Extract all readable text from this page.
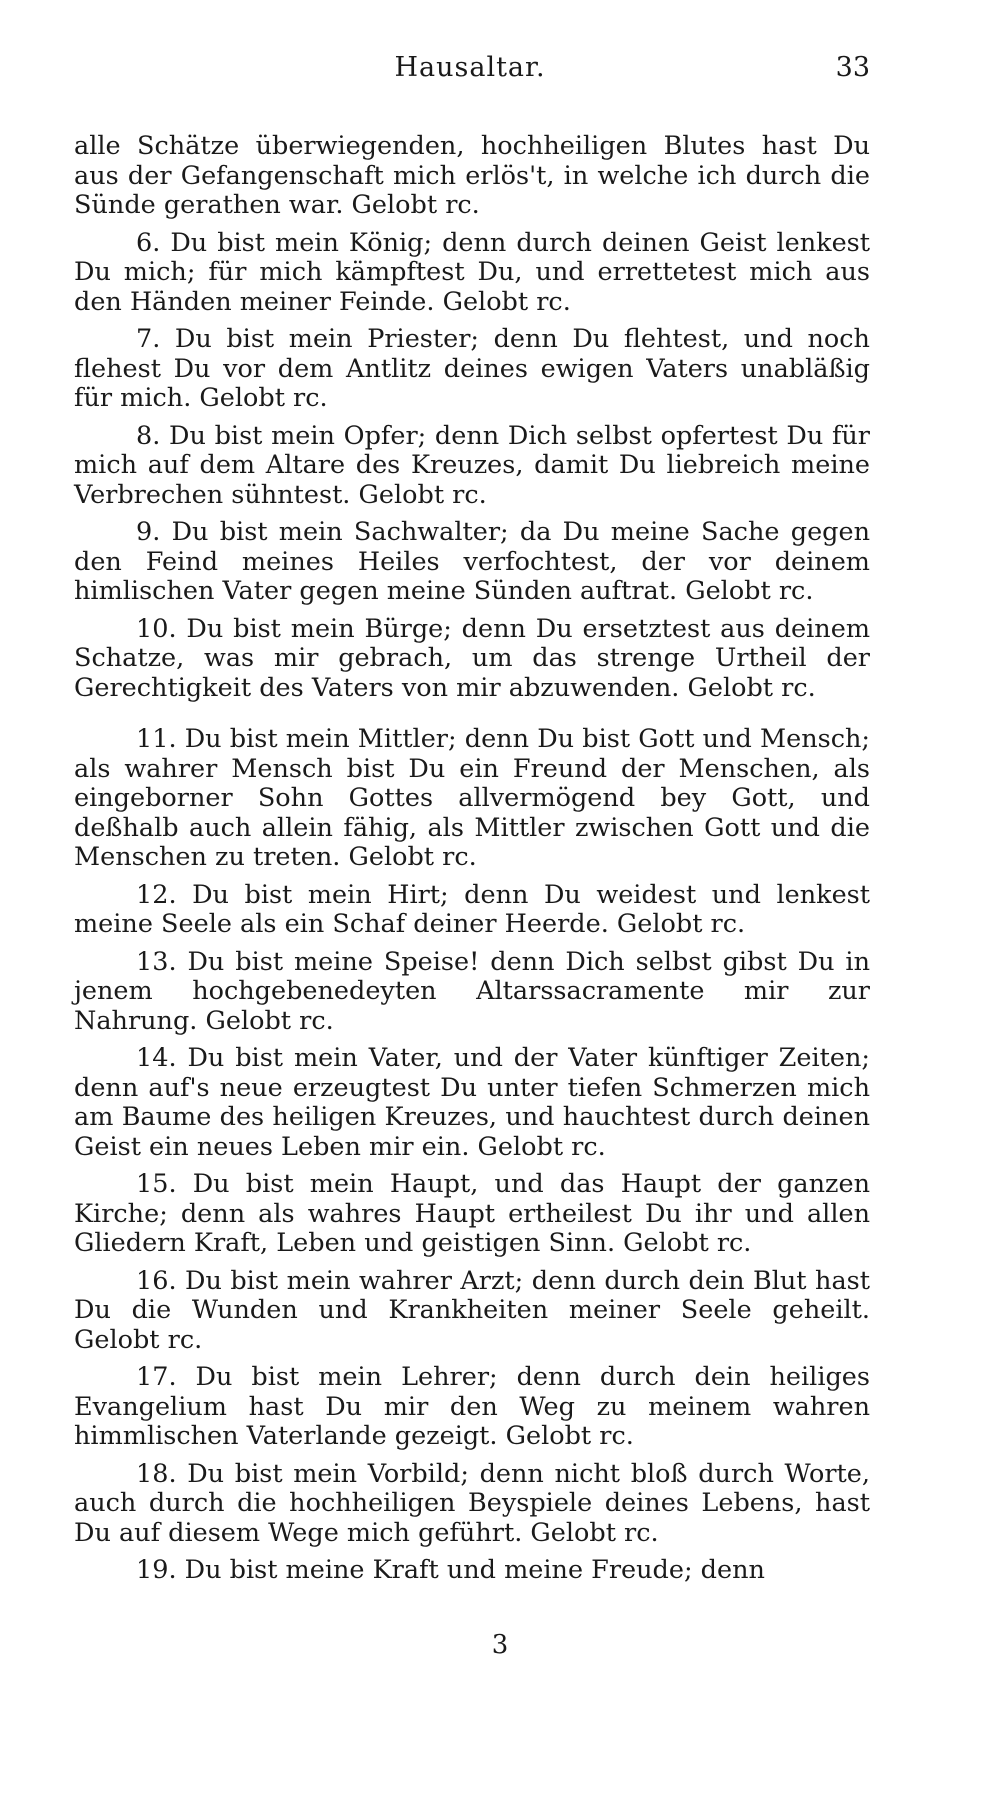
Hausaltar.	33

alle Schätze überwiegenden, hochheiligen Blutes hast Du aus der Gefangenschaft mich erlös't, in welche ich durch die Sünde gerathen war. Gelobt rc.

6. Du bist mein König; denn durch deinen Geist lenkest Du mich; für mich kämpftest Du, und errettetest mich aus den Händen meiner Feinde. Gelobt rc.

7. Du bist mein Priester; denn Du flehtest, und noch flehest Du vor dem Antlitz deines ewigen Vaters unabläßig für mich. Gelobt rc.

8. Du bist mein Opfer; denn Dich selbst opfertest Du für mich auf dem Altare des Kreuzes, damit Du liebreich meine Verbrechen sühntest. Gelobt rc.

9. Du bist mein Sachwalter; da Du meine Sache gegen den Feind meines Heiles verfochtest, der vor deinem himlischen Vater gegen meine Sünden auftrat. Gelobt rc.

10. Du bist mein Bürge; denn Du ersetztest aus deinem Schatze, was mir gebrach, um das strenge Urtheil der Gerechtigkeit des Vaters von mir abzuwenden. Gelobt rc.

11. Du bist mein Mittler; denn Du bist Gott und Mensch; als wahrer Mensch bist Du ein Freund der Menschen, als eingeborner Sohn Gottes allvermögend bey Gott, und deßhalb auch allein fähig, als Mittler zwischen Gott und die Menschen zu treten. Gelobt rc.

12. Du bist mein Hirt; denn Du weidest und lenkest meine Seele als ein Schaf deiner Heerde. Gelobt rc.

13. Du bist meine Speise! denn Dich selbst gibst Du in jenem hochgebenedeyten Altarssacramente mir zur Nahrung. Gelobt rc.

14. Du bist mein Vater, und der Vater künftiger Zeiten; denn auf's neue erzeugtest Du unter tiefen Schmerzen mich am Baume des heiligen Kreuzes, und hauchtest durch deinen Geist ein neues Leben mir ein. Gelobt rc.

15. Du bist mein Haupt, und das Haupt der ganzen Kirche; denn als wahres Haupt ertheilest Du ihr und allen Gliedern Kraft, Leben und geistigen Sinn. Gelobt rc.

16. Du bist mein wahrer Arzt; denn durch dein Blut hast Du die Wunden und Krankheiten meiner Seele geheilt. Gelobt rc.

17. Du bist mein Lehrer; denn durch dein heiliges Evangelium hast Du mir den Weg zu meinem wahren himmlischen Vaterlande gezeigt. Gelobt rc.

18. Du bist mein Vorbild; denn nicht bloß durch Worte, auch durch die hochheiligen Beyspiele deines Lebens, hast Du auf diesem Wege mich geführt. Gelobt rc.

19. Du bist meine Kraft und meine Freude; denn

3
